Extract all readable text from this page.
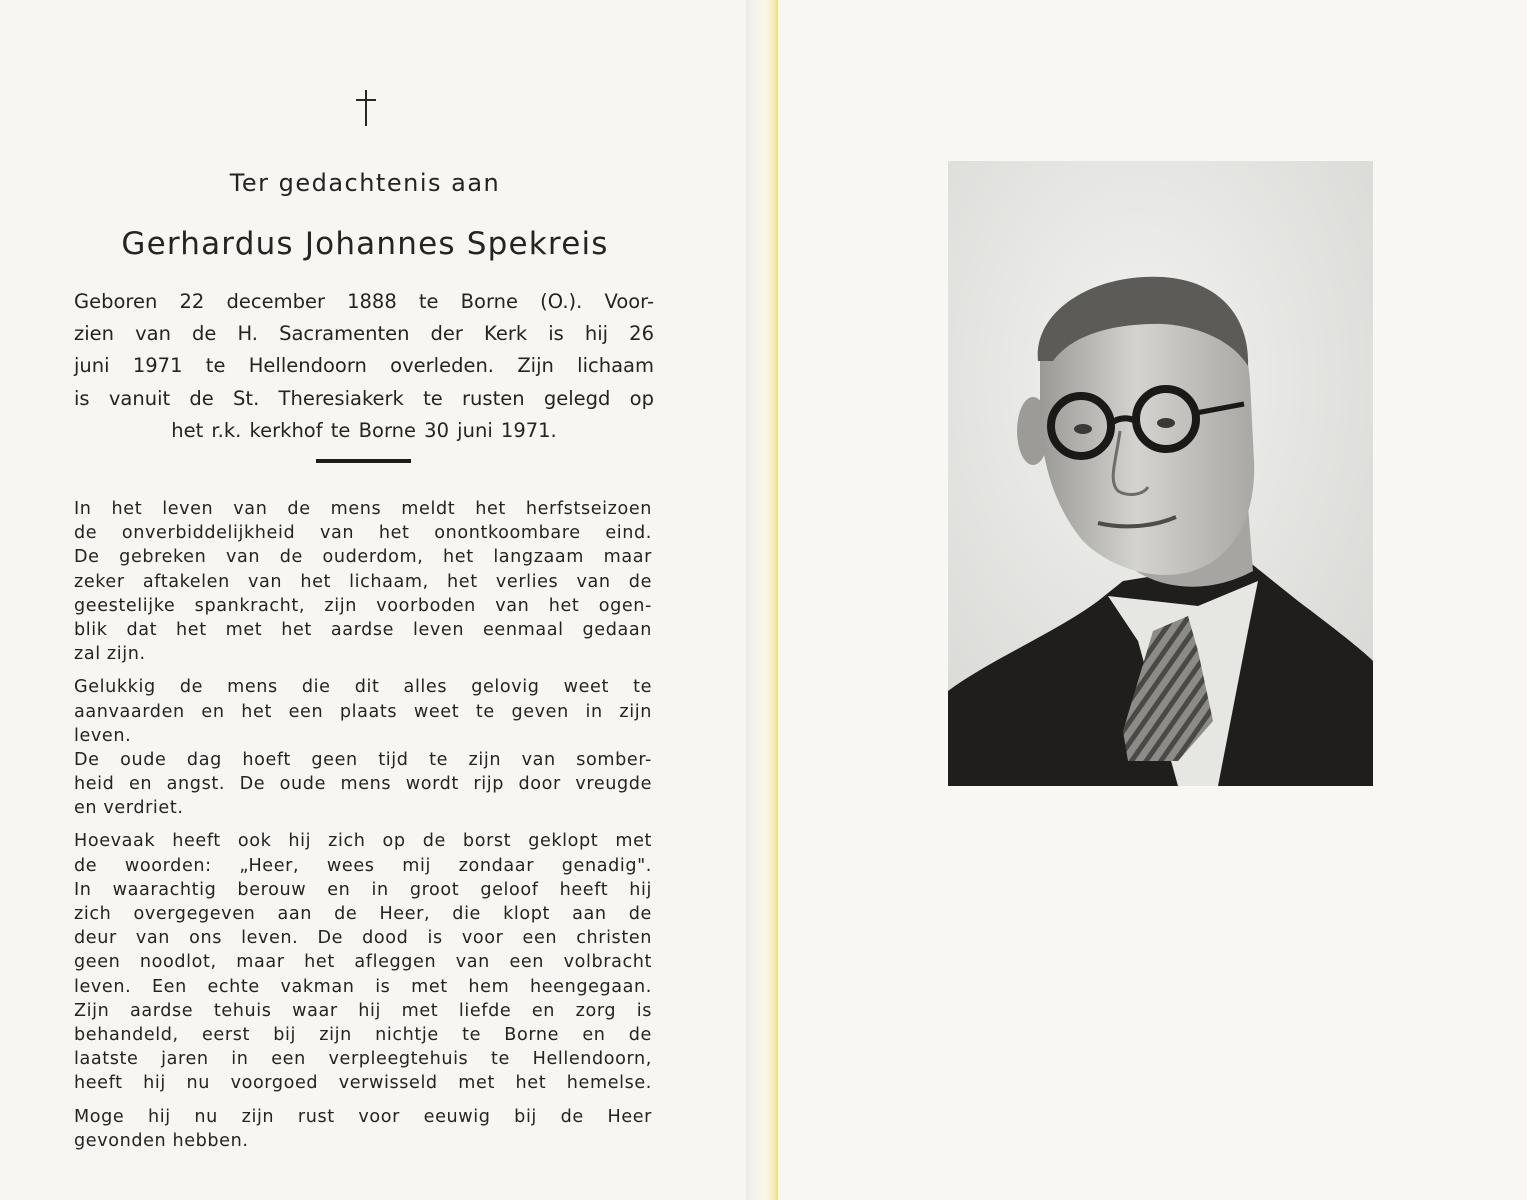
Ter gedachtenis aan
Gerhardus Johannes Spekreis
Geboren 22 december 1888 te Borne (O.). Voor-
zien van de H. Sacramenten der Kerk is hij 26
juni 1971 te Hellendoorn overleden. Zijn lichaam
is vanuit de St. Theresiakerk te rusten gelegd op
het r.k. kerkhof te Borne 30 juni 1971.
In het leven van de mens meldt het herfstseizoen
de onverbiddelijkheid van het onontkoombare eind.
De gebreken van de ouderdom, het langzaam maar
zeker aftakelen van het lichaam, het verlies van de
geestelijke spankracht, zijn voorboden van het ogen-
blik dat het met het aardse leven eenmaal gedaan
zal zijn.
Gelukkig de mens die dit alles gelovig weet te
aanvaarden en het een plaats weet te geven in zijn
leven.
De oude dag hoeft geen tijd te zijn van somber-
heid en angst. De oude mens wordt rijp door vreugde
en verdriet.
Hoevaak heeft ook hij zich op de borst geklopt met
de woorden: „Heer, wees mij zondaar genadig".
In waarachtig berouw en in groot geloof heeft hij
zich overgegeven aan de Heer, die klopt aan de
deur van ons leven. De dood is voor een christen
geen noodlot, maar het afleggen van een volbracht
leven. Een echte vakman is met hem heengegaan.
Zijn aardse tehuis waar hij met liefde en zorg is
behandeld, eerst bij zijn nichtje te Borne en de
laatste jaren in een verpleegtehuis te Hellendoorn,
heeft hij nu voorgoed verwisseld met het hemelse.
Moge hij nu zijn rust voor eeuwig bij de Heer
gevonden hebben.
